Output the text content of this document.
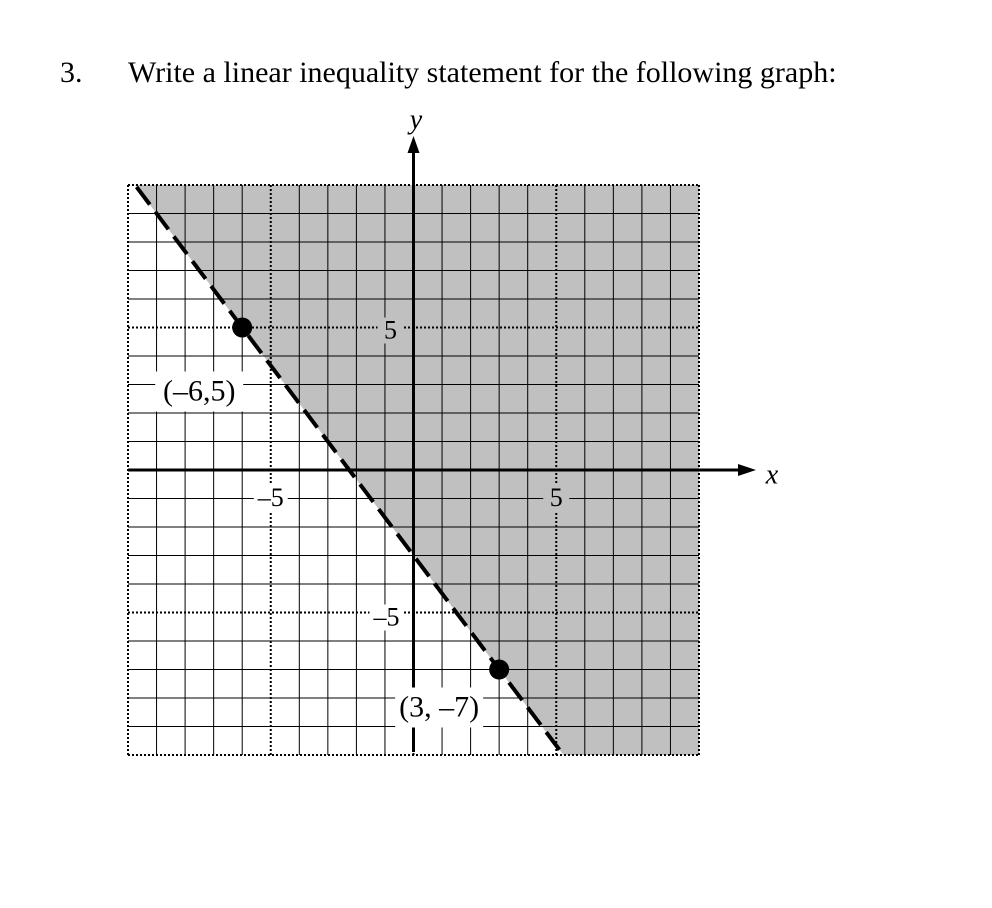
3. Write a linear inequality statement for the following graph:
x
y
–5	5
5
–5
(–6,5)
(3, –7)
